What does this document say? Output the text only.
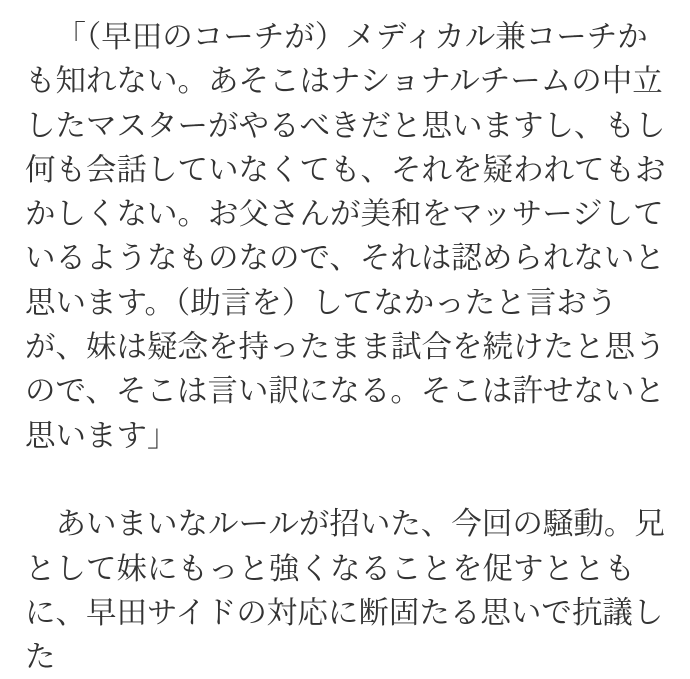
「（早田のコーチが）メディカル兼コーチか
も知れない。あそこはナショナルチームの中立
したマスターがやるべきだと思いますし、もし
何も会話していなくても、それを疑われてもお
かしくない。お父さんが美和をマッサージして
いるようなものなので、それは認められないと
思います。（助言を）してなかったと言おう
が、妹は疑念を持ったまま試合を続けたと思う
ので、そこは言い訳になる。そこは許せないと
思います」
あいまいなルールが招いた、今回の騒動。兄
として妹にもっと強くなることを促すととも
に、早田サイドの対応に断固たる思いで抗議し
た
